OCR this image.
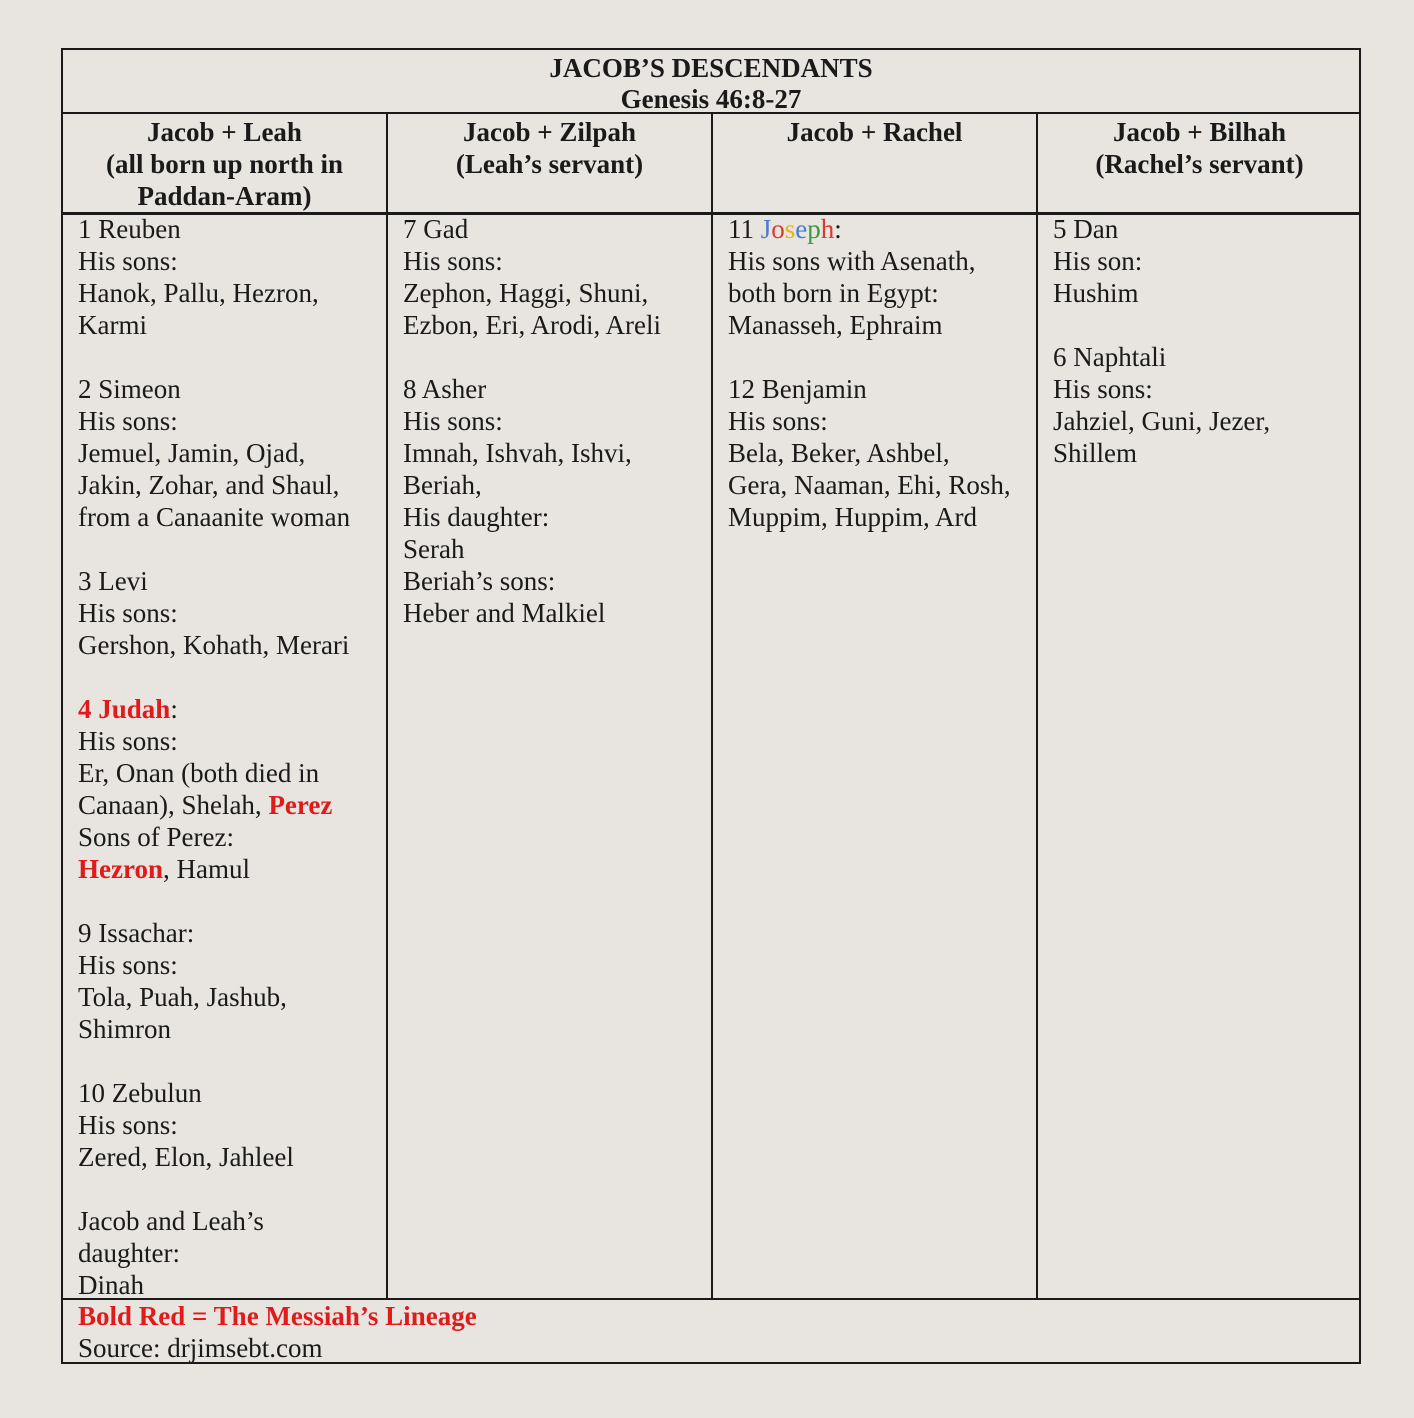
JACOB’S DESCENDANTS
Genesis 46:8-27
Jacob + Leah
(all born up north in
Paddan-Aram)
Jacob + Zilpah
(Leah’s servant)
Jacob + Rachel	Jacob + Bilhah
(Rachel’s servant)
1 Reuben
His sons:
Hanok, Pallu, Hezron,
Karmi
2 Simeon
His sons:
Jemuel, Jamin, Ojad,
Jakin, Zohar, and Shaul,
from a Canaanite woman
3 Levi
His sons:
Gershon, Kohath, Merari
4 Judah:
His sons:
Er, Onan (both died in
Canaan), Shelah, Perez
Sons of Perez:
Hezron, Hamul
9 Issachar:
His sons:
Tola, Puah, Jashub,
Shimron
10 Zebulun
His sons:
Zered, Elon, Jahleel
Jacob and Leah’s
daughter:
Dinah
7 Gad
His sons:
Zephon, Haggi, Shuni,
Ezbon, Eri, Arodi, Areli
8 Asher
His sons:
Imnah, Ishvah, Ishvi,
Beriah,
His daughter:
Serah
Beriah’s sons:
Heber and Malkiel
11 Joseph:
His sons with Asenath,
both born in Egypt:
Manasseh, Ephraim
12 Benjamin
His sons:
Bela, Beker, Ashbel,
Gera, Naaman, Ehi, Rosh,
Muppim, Huppim, Ard
5 Dan
His son:
Hushim
6 Naphtali
His sons:
Jahziel, Guni, Jezer,
Shillem
Bold Red = The Messiah’s Lineage
Source: drjimsebt.com
